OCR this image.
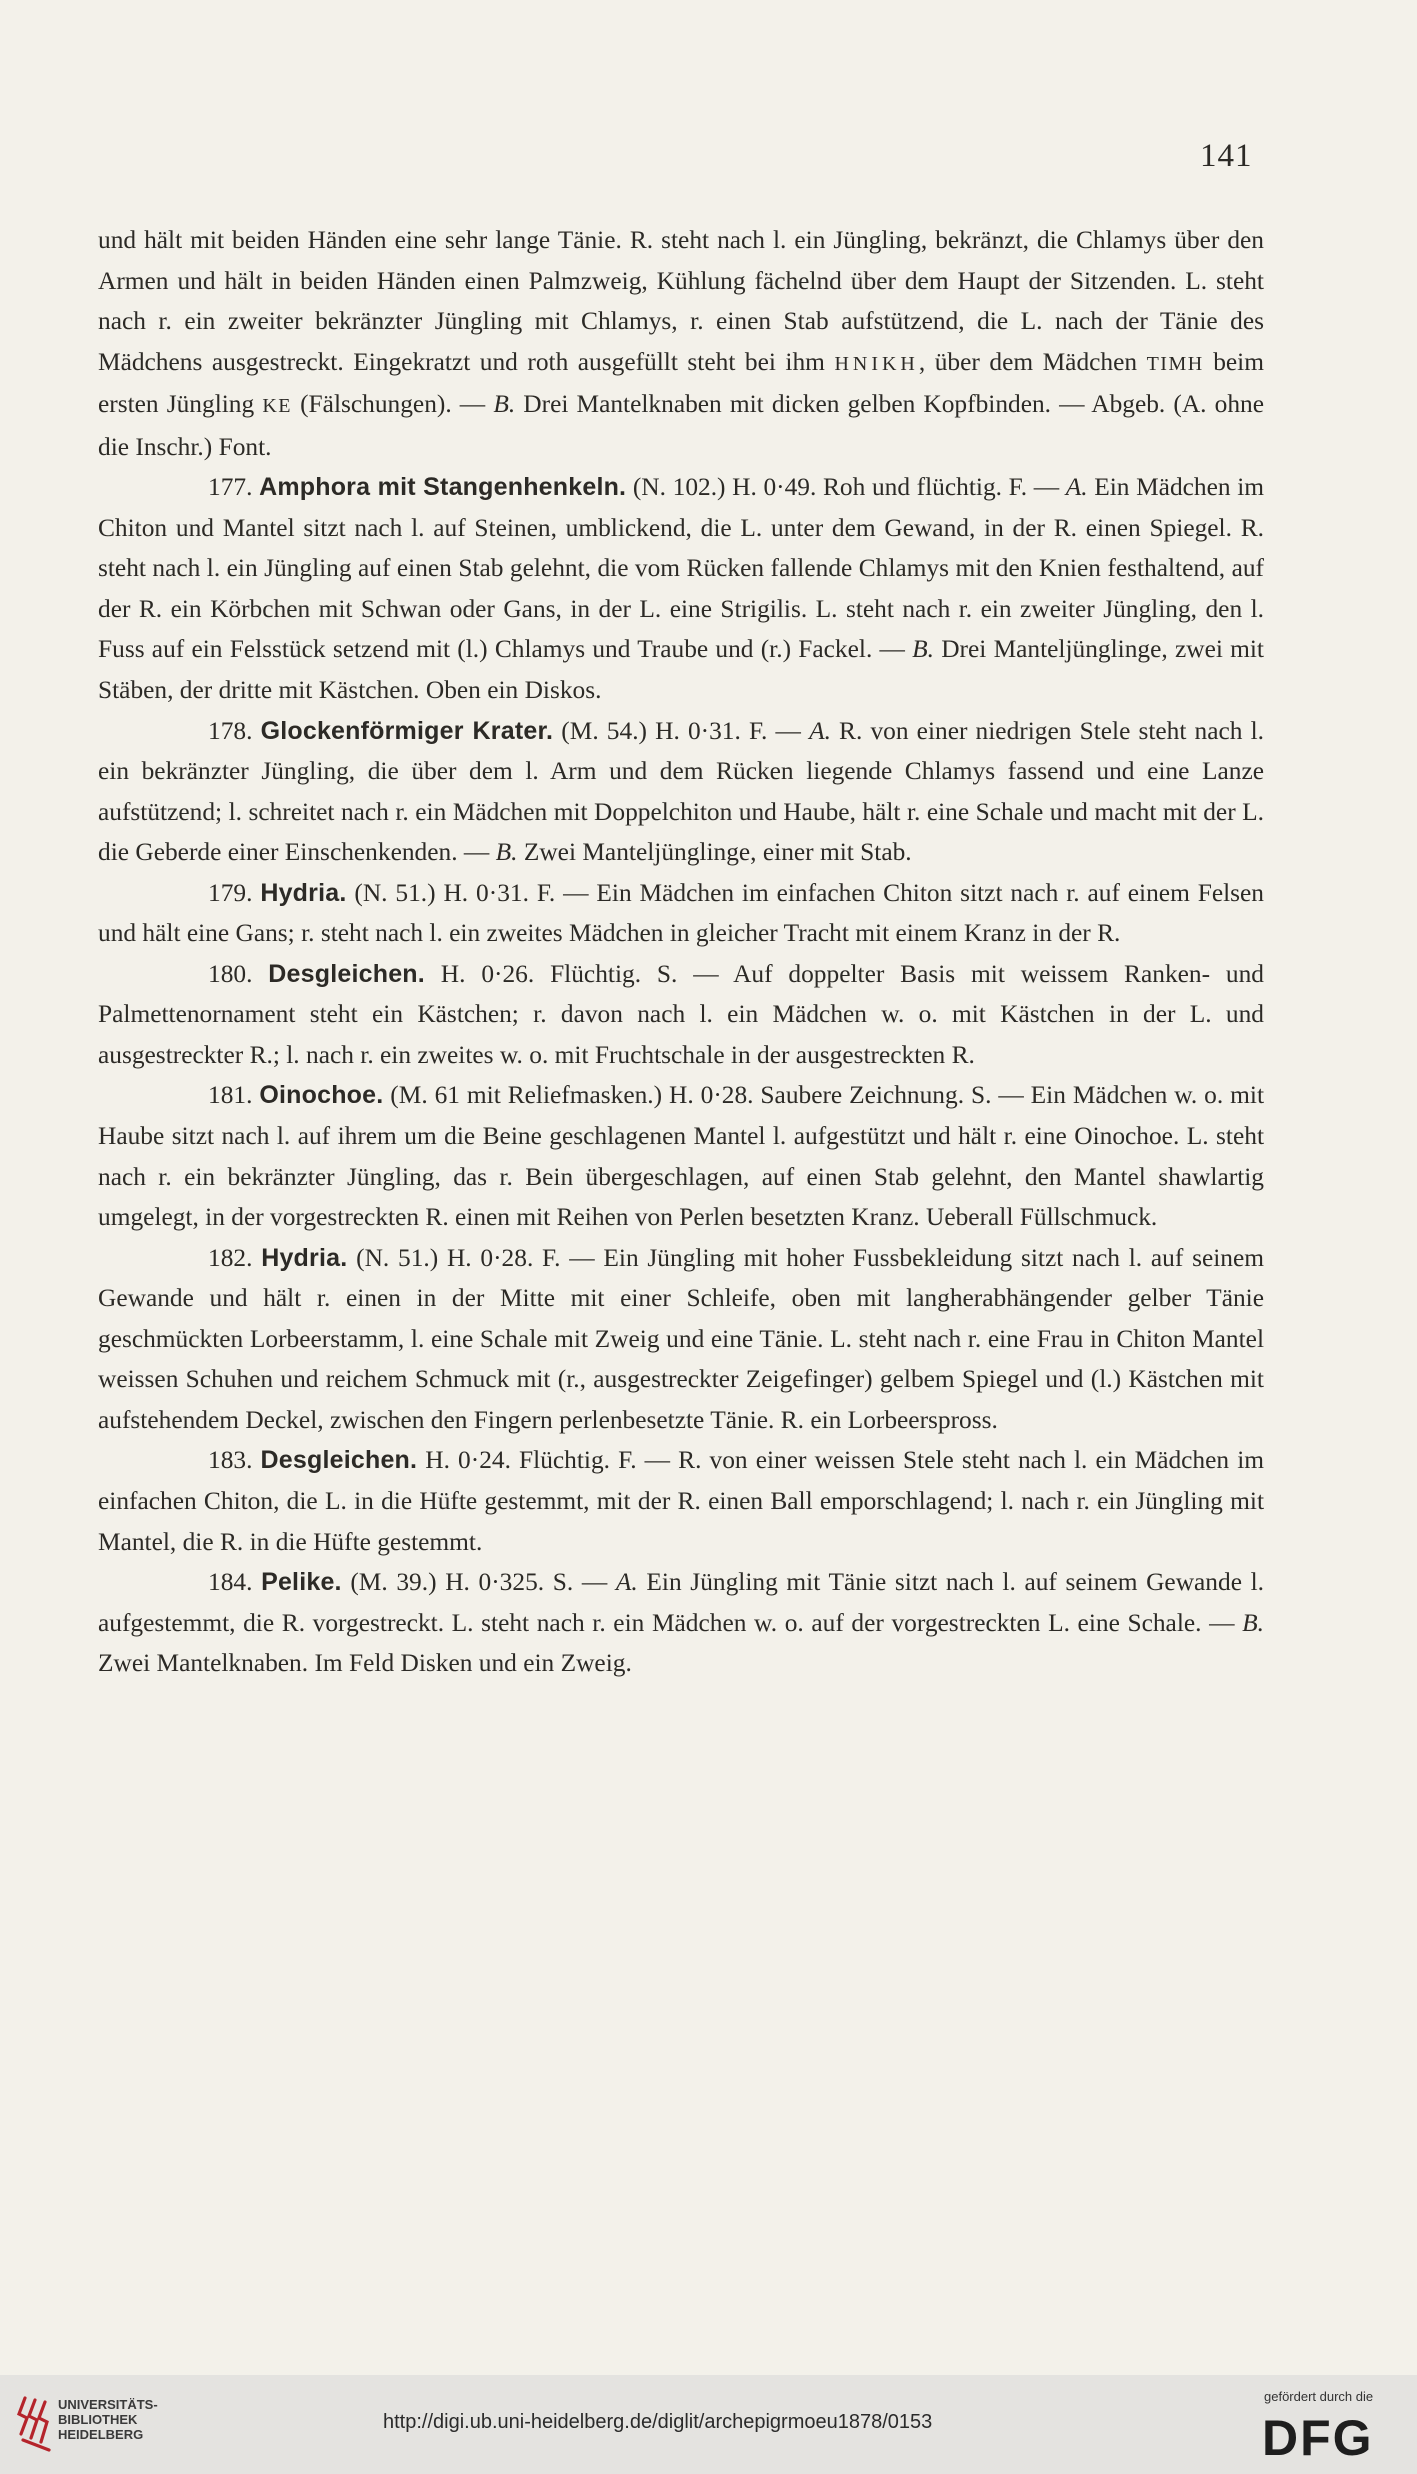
141

und hält mit beiden Händen eine sehr lange Tänie. R. steht nach l. ein Jüngling, bekränzt, die Chlamys über den Armen und hält in beiden Händen einen Palmzweig, Kühlung fächelnd über dem Haupt der Sitzenden. L. steht nach r. ein zweiter bekränzter Jüngling mit Chlamys, r. einen Stab aufstützend, die L. nach der Tänie des Mädchens ausgestreckt. Eingekratzt und roth ausgefüllt steht bei ihm HNIKH, über dem Mädchen TIMH beim ersten Jüngling KE (Fälschungen). — B. Drei Mantelknaben mit dicken gelben Kopfbinden. — Abgeb. (A. ohne die Inschr.) Font.

177. Amphora mit Stangenhenkeln. (N. 102.) H. 0·49. Roh und flüchtig. F. — A. Ein Mädchen im Chiton und Mantel sitzt nach l. auf Steinen, umblickend, die L. unter dem Gewand, in der R. einen Spiegel. R. steht nach l. ein Jüngling auf einen Stab gelehnt, die vom Rücken fallende Chlamys mit den Knien festhaltend, auf der R. ein Körbchen mit Schwan oder Gans, in der L. eine Strigilis. L. steht nach r. ein zweiter Jüngling, den l. Fuss auf ein Felsstück setzend mit (l.) Chlamys und Traube und (r.) Fackel. — B. Drei Manteljünglinge, zwei mit Stäben, der dritte mit Kästchen. Oben ein Diskos.

178. Glockenförmiger Krater. (M. 54.) H. 0·31. F. — A. R. von einer niedrigen Stele steht nach l. ein bekränzter Jüngling, die über dem l. Arm und dem Rücken liegende Chlamys fassend und eine Lanze aufstützend; l. schreitet nach r. ein Mädchen mit Doppelchiton und Haube, hält r. eine Schale und macht mit der L. die Geberde einer Einschenkenden. — B. Zwei Manteljünglinge, einer mit Stab.

179. Hydria. (N. 51.) H. 0·31. F. — Ein Mädchen im einfachen Chiton sitzt nach r. auf einem Felsen und hält eine Gans; r. steht nach l. ein zweites Mädchen in gleicher Tracht mit einem Kranz in der R.

180. Desgleichen. H. 0·26. Flüchtig. S. — Auf doppelter Basis mit weissem Ranken- und Palmettenornament steht ein Kästchen; r. davon nach l. ein Mädchen w. o. mit Kästchen in der L. und ausgestreckter R.; l. nach r. ein zweites w. o. mit Fruchtschale in der ausgestreckten R.

181. Oinochoe. (M. 61 mit Reliefmasken.) H. 0·28. Saubere Zeichnung. S. — Ein Mädchen w. o. mit Haube sitzt nach l. auf ihrem um die Beine geschlagenen Mantel l. aufgestützt und hält r. eine Oinochoe. L. steht nach r. ein bekränzter Jüngling, das r. Bein übergeschlagen, auf einen Stab gelehnt, den Mantel shawlartig umgelegt, in der vorgestreckten R. einen mit Reihen von Perlen besetzten Kranz. Ueberall Füllschmuck.

182. Hydria. (N. 51.) H. 0·28. F. — Ein Jüngling mit hoher Fussbekleidung sitzt nach l. auf seinem Gewande und hält r. einen in der Mitte mit einer Schleife, oben mit langherabhängender gelber Tänie geschmückten Lorbeerstamm, l. eine Schale mit Zweig und eine Tänie. L. steht nach r. eine Frau in Chiton Mantel weissen Schuhen und reichem Schmuck mit (r., ausgestreckter Zeigefinger) gelbem Spiegel und (l.) Kästchen mit aufstehendem Deckel, zwischen den Fingern perlenbesetzte Tänie. R. ein Lorbeerspross.

183. Desgleichen. H. 0·24. Flüchtig. F. — R. von einer weissen Stele steht nach l. ein Mädchen im einfachen Chiton, die L. in die Hüfte gestemmt, mit der R. einen Ball emporschlagend; l. nach r. ein Jüngling mit Mantel, die R. in die Hüfte gestemmt.

184. Pelike. (M. 39.) H. 0·325. S. — A. Ein Jüngling mit Tänie sitzt nach l. auf seinem Gewande l. aufgestemmt, die R. vorgestreckt. L. steht nach r. ein Mädchen w. o. auf der vorgestreckten L. eine Schale. — B. Zwei Mantelknaben. Im Feld Disken und ein Zweig.

UNIVERSITÄTS-
BIBLIOTHEK
HEIDELBERG
http://digi.ub.uni-heidelberg.de/diglit/archepigrmoeu1878/0153
gefördert durch die
DFG
